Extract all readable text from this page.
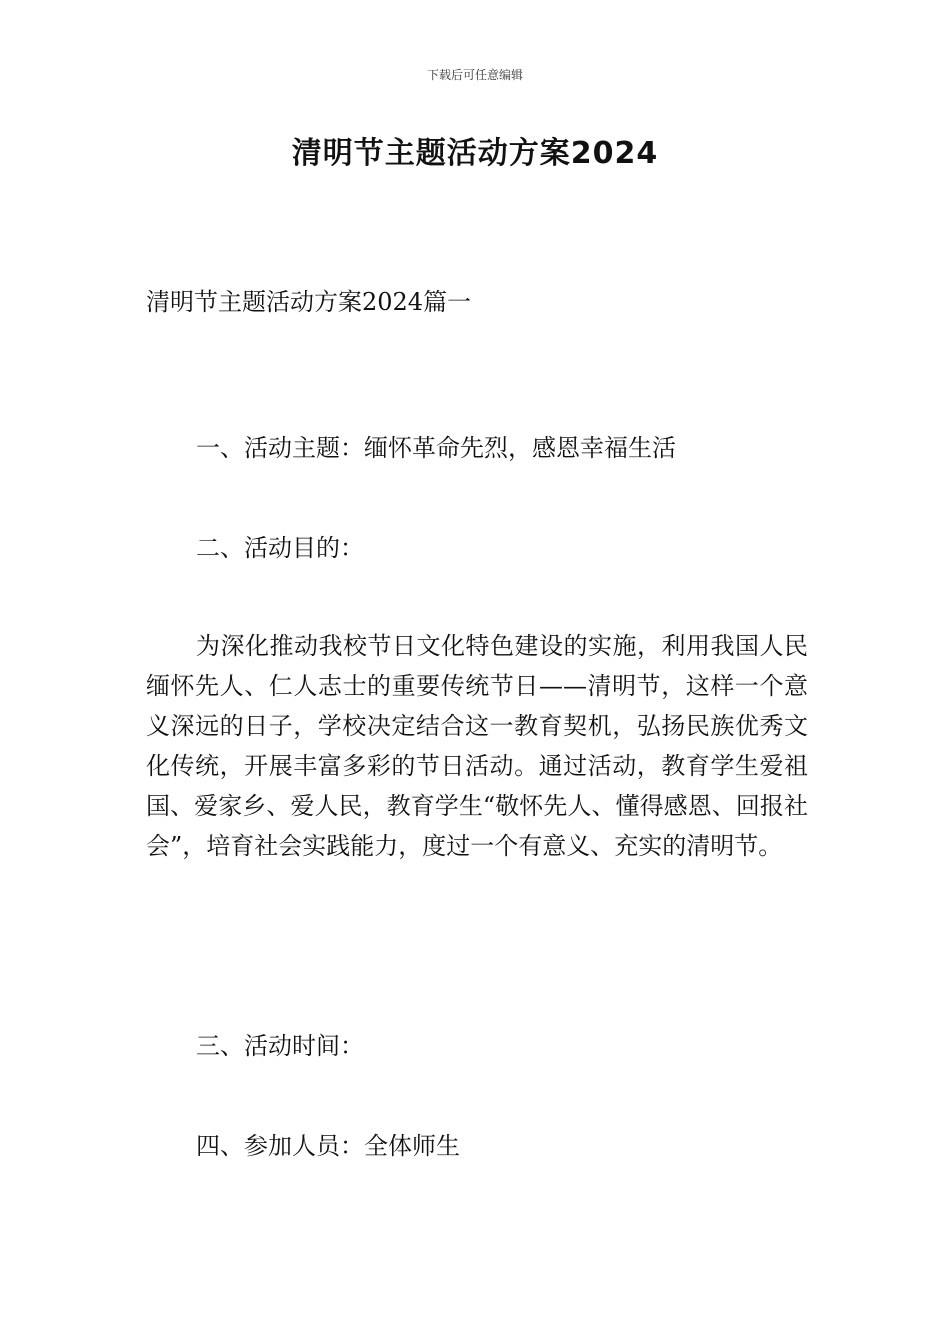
下载后可任意编辑
清明节主题活动方案2024
清明节主题活动方案2024篇一
一、活动主题：缅怀革命先烈，感恩幸福生活
二、活动目的：
为深化推动我校节日文化特色建设的实施，利用我国人民缅怀先人、仁人志士的重要传统节日——清明节，这样一个意义深远的日子，学校决定结合这一教育契机，弘扬民族优秀文化传统，开展丰富多彩的节日活动。通过活动，教育学生爱祖国、爱家乡、爱人民，教育学生“敬怀先人、懂得感恩、回报社会”，培育社会实践能力，度过一个有意义、充实的清明节。
三、活动时间：
四、参加人员：全体师生
